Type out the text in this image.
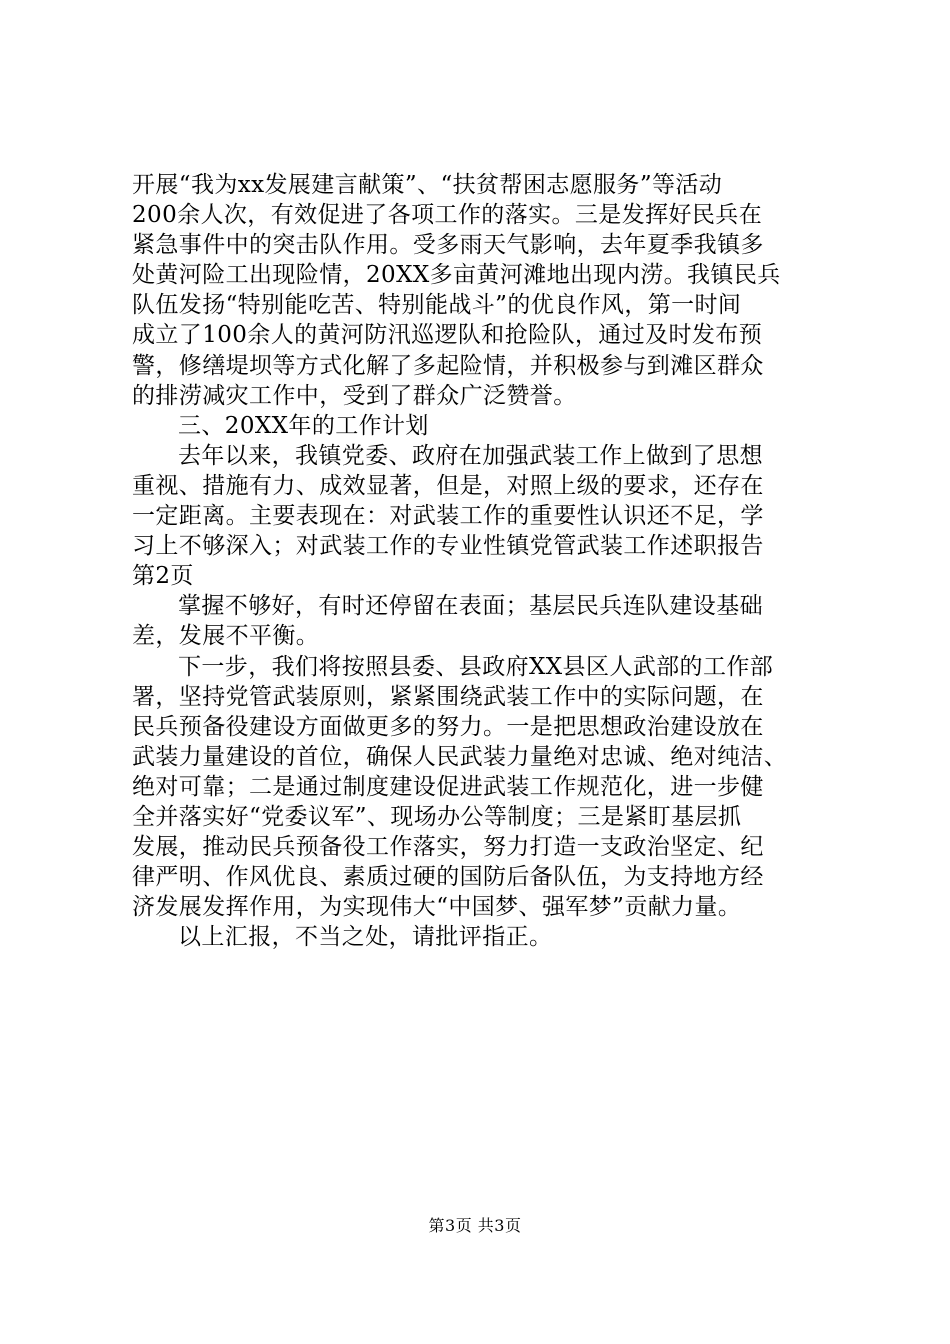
开展“我为xx发展建言献策”、“扶贫帮困志愿服务”等活动
200余人次，有效促进了各项工作的落实。三是发挥好民兵在
紧急事件中的突击队作用。受多雨天气影响，去年夏季我镇多
处黄河险工出现险情，20XX多亩黄河滩地出现内涝。我镇民兵
队伍发扬“特别能吃苦、特别能战斗”的优良作风，第一时间
成立了100余人的黄河防汛巡逻队和抢险队，通过及时发布预
警，修缮堤坝等方式化解了多起险情，并积极参与到滩区群众
的排涝减灾工作中，受到了群众广泛赞誉。
三、20XX年的工作计划
去年以来，我镇党委、政府在加强武装工作上做到了思想
重视、措施有力、成效显著，但是，对照上级的要求，还存在
一定距离。主要表现在：对武装工作的重要性认识还不足，学
习上不够深入；对武装工作的专业性镇党管武装工作述职报告
第2页
掌握不够好，有时还停留在表面；基层民兵连队建设基础
差，发展不平衡。
下一步，我们将按照县委、县政府XX县区人武部的工作部
署，坚持党管武装原则，紧紧围绕武装工作中的实际问题，在
民兵预备役建设方面做更多的努力。一是把思想政治建设放在
武装力量建设的首位，确保人民武装力量绝对忠诚、绝对纯洁、
绝对可靠；二是通过制度建设促进武装工作规范化，进一步健
全并落实好“党委议军”、现场办公等制度；三是紧盯基层抓
发展，推动民兵预备役工作落实，努力打造一支政治坚定、纪
律严明、作风优良、素质过硬的国防后备队伍，为支持地方经
济发展发挥作用，为实现伟大“中国梦、强军梦”贡献力量。
以上汇报，不当之处，请批评指正。
第3页 共3页
